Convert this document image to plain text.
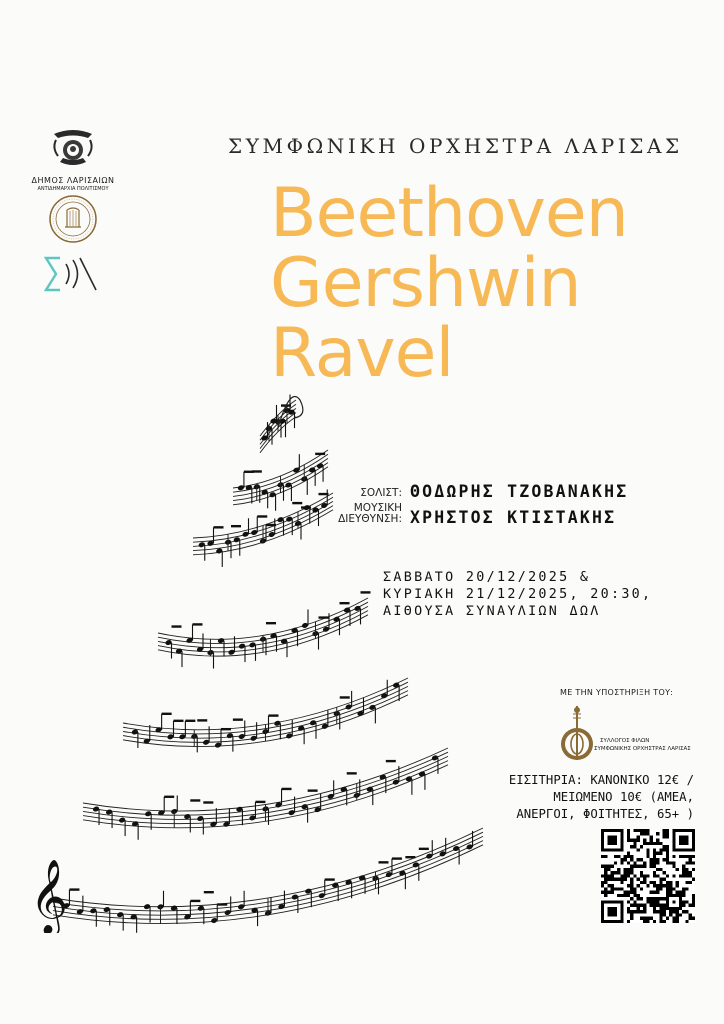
ΔΗΜΟΣ ΛΑΡΙΣΑΙΩΝ
ΑΝΤΙΔΗΜΑΡΧΙΑ ΠΟΛΙΤΙΣΜΟΥ
ΣΥΜΦΩΝΙΚΗ ΟΡΧΗΣΤΡΑ ΛΑΡΙΣΑΣ
Beethoven
Gershwin
Ravel
𝄞
ΣΟΛΙΣΤ: ΘΟΔΩΡΗΣ ΤΖΟΒΑΝΑΚΗΣ
ΜΟΥΣΙΚΗ
ΔΙΕΥΘΥΝΣΗ: ΧΡΗΣΤΟΣ ΚΤΙΣΤΑΚΗΣ
ΣΑΒΒΑΤΟ 20/12/2025 &
ΚΥΡΙΑΚΗ 21/12/2025, 20:30,
ΑΙΘΟΥΣΑ ΣΥΝΑΥΛΙΩΝ ΔΩΛ
ΜΕ ΤΗΝ ΥΠΟΣΤΗΡΙΞΗ ΤΟΥ:
ΣΥΛΛΟΓΟΣ ΦΙΛΩΝ
ΣΥΜΦΩΝΙΚΗΣ ΟΡΧΗΣΤΡΑΣ ΛΑΡΙΣΑΣ
ΕΙΣΙΤΗΡΙΑ: ΚΑΝΟΝΙΚΟ 12€ /
ΜΕΙΩΜΕΝΟ 10€ (ΑΜΕΑ,
ΑΝΕΡΓΟΙ, ΦΟΙΤΗΤΕΣ, 65+ )
